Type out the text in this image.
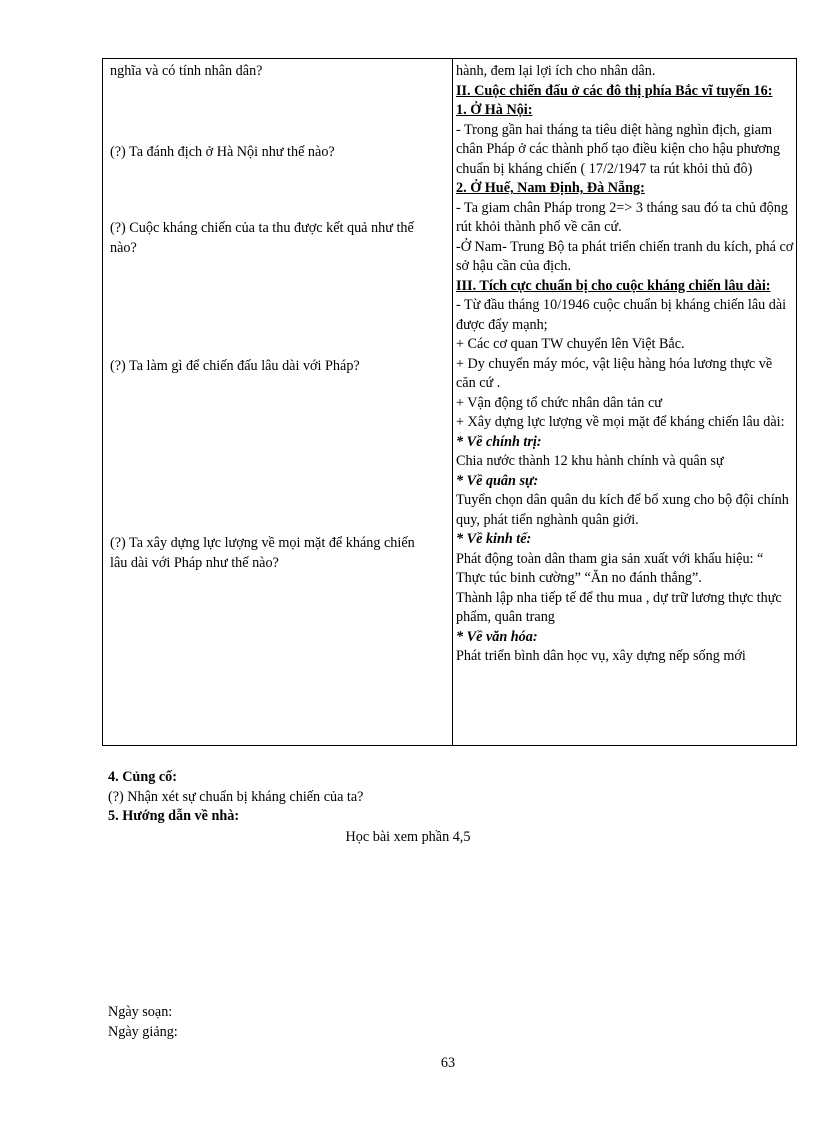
nghĩa và có tính nhân dân?

(?) Ta đánh địch ở Hà Nội như thế nào?

(?) Cuộc kháng chiến của ta thu được kết quả như thế nào?

(?) Ta làm gì để chiến đấu lâu dài với Pháp?

(?) Ta xây dựng lực lượng về mọi mặt để kháng chiến lâu dài với Pháp như thế nào?

hành, đem lại lợi ích cho nhân dân.

II. Cuộc chiến đấu ở các đô thị phía Bắc vĩ tuyến 16:

1. Ở Hà Nội:

- Trong gần hai tháng ta tiêu diệt hàng nghìn địch, giam chân Pháp ở các thành phố tạo điều kiện cho hậu phương chuẩn bị kháng chiến ( 17/2/1947 ta rút khỏi thủ đô)

2. Ở Huế, Nam Định, Đà Nẵng:

- Ta giam chân Pháp trong 2=> 3 tháng sau đó ta chủ động rút khỏi thành phố về căn cứ.

-Ở Nam- Trung Bộ ta phát triển chiến tranh du kích, phá cơ sở hậu cần của địch.

III. Tích cực chuẩn bị cho cuộc kháng chiến lâu dài:

- Từ đầu tháng 10/1946 cuộc chuẩn bị kháng chiến lâu dài được đẩy mạnh;

+ Các cơ quan TW chuyển lên Việt Bắc.

+ Dy chuyển máy móc, vật liệu hàng hóa lương thực về căn cứ .

+ Vận động tổ chức nhân dân tản cư

+ Xây dựng lực lượng về mọi mặt để kháng chiến lâu dài:

* Về chính trị:

Chia nước thành 12 khu hành chính và quân sự

* Về quân sự:

Tuyển chọn dân quân du kích để bổ xung cho bộ đội chính quy, phát tiển nghành quân giới.

* Về kinh tế:

Phát động toàn dân tham gia sản xuất với khẩu hiệu: “ Thực túc binh cường” “Ăn no đánh thắng”.

Thành lập nha tiếp tế để thu mua , dự trữ lương thực thực phẩm, quân trang

* Về văn hóa:

Phát triển bình dân học vụ, xây dựng nếp sống mới

4. Củng cố:

(?) Nhận xét sự chuẩn bị kháng chiến của ta?

5. Hướng dẫn về nhà:

Học bài xem phần 4,5

Ngày soạn:

Ngày giảng:

63
